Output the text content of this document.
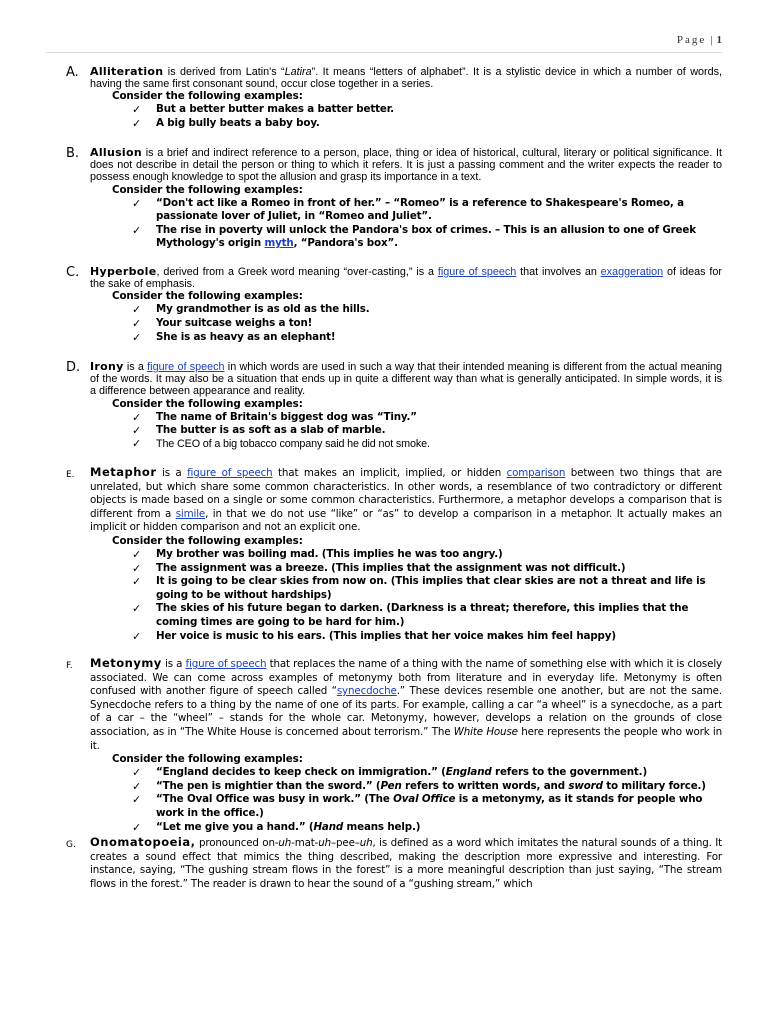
Page | 1
A. Alliteration is derived from Latin's “Latira”. It means “letters of alphabet”. It is a stylistic device in which a number of words, having the same first consonant sound, occur close together in a series.

Consider the following examples:
✓ But a better butter makes a batter better.
✓ A big bully beats a baby boy.
B. Allusion is a brief and indirect reference to a person, place, thing or idea of historical, cultural, literary or political significance. It does not describe in detail the person or thing to which it refers. It is just a passing comment and the writer expects the reader to possess enough knowledge to spot the allusion and grasp its importance in a text.

Consider the following examples:
✓ “Don't act like a Romeo in front of her.” – “Romeo” is a reference to Shakespeare's Romeo, a passionate lover of Juliet, in “Romeo and Juliet”.
✓ The rise in poverty will unlock the Pandora's box of crimes. – This is an allusion to one of Greek Mythology's origin myth, “Pandora's box”.
C. Hyperbole, derived from a Greek word meaning “over-casting,” is a figure of speech that involves an exaggeration of ideas for the sake of emphasis.

Consider the following examples:
✓ My grandmother is as old as the hills.
✓ Your suitcase weighs a ton!
✓ She is as heavy as an elephant!
D. Irony is a figure of speech in which words are used in such a way that their intended meaning is different from the actual meaning of the words. It may also be a situation that ends up in quite a different way than what is generally anticipated. In simple words, it is a difference between appearance and reality.

Consider the following examples:
✓ The name of Britain's biggest dog was “Tiny.”
✓ The butter is as soft as a slab of marble.
✓ The CEO of a big tobacco company said he did not smoke.
E. Metaphor is a figure of speech that makes an implicit, implied, or hidden comparison between two things that are unrelated, but which share some common characteristics. In other words, a resemblance of two contradictory or different objects is made based on a single or some common characteristics. Furthermore, a metaphor develops a comparison that is different from a simile, in that we do not use “like” or “as” to develop a comparison in a metaphor. It actually makes an implicit or hidden comparison and not an explicit one.

Consider the following examples:
✓ My brother was boiling mad. (This implies he was too angry.)
✓ The assignment was a breeze. (This implies that the assignment was not difficult.)
✓ It is going to be clear skies from now on. (This implies that clear skies are not a threat and life is going to be without hardships)
✓ The skies of his future began to darken. (Darkness is a threat; therefore, this implies that the coming times are going to be hard for him.)
✓ Her voice is music to his ears. (This implies that her voice makes him feel happy)
F. Metonymy is a figure of speech that replaces the name of a thing with the name of something else with which it is closely associated. We can come across examples of metonymy both from literature and in everyday life. Metonymy is often confused with another figure of speech called “synecdoche.” These devices resemble one another, but are not the same. Synecdoche refers to a thing by the name of one of its parts. For example, calling a car “a wheel” is a synecdoche, as a part of a car – the “wheel” – stands for the whole car. Metonymy, however, develops a relation on the grounds of close association, as in “The White House is concerned about terrorism.” The White House here represents the people who work in it.

Consider the following examples:
✓ “England decides to keep check on immigration.” (England refers to the government.)
✓ “The pen is mightier than the sword.” (Pen refers to written words, and sword to military force.)
✓ “The Oval Office was busy in work.” (The Oval Office is a metonymy, as it stands for people who work in the office.)
✓ “Let me give you a hand.” (Hand means help.)
G. Onomatopoeia, pronounced on-uh-mat-uh–pee–uh, is defined as a word which imitates the natural sounds of a thing. It creates a sound effect that mimics the thing described, making the description more expressive and interesting. For instance, saying, “The gushing stream flows in the forest” is a more meaningful description than just saying, “The stream flows in the forest.” The reader is drawn to hear the sound of a “gushing stream,” which
